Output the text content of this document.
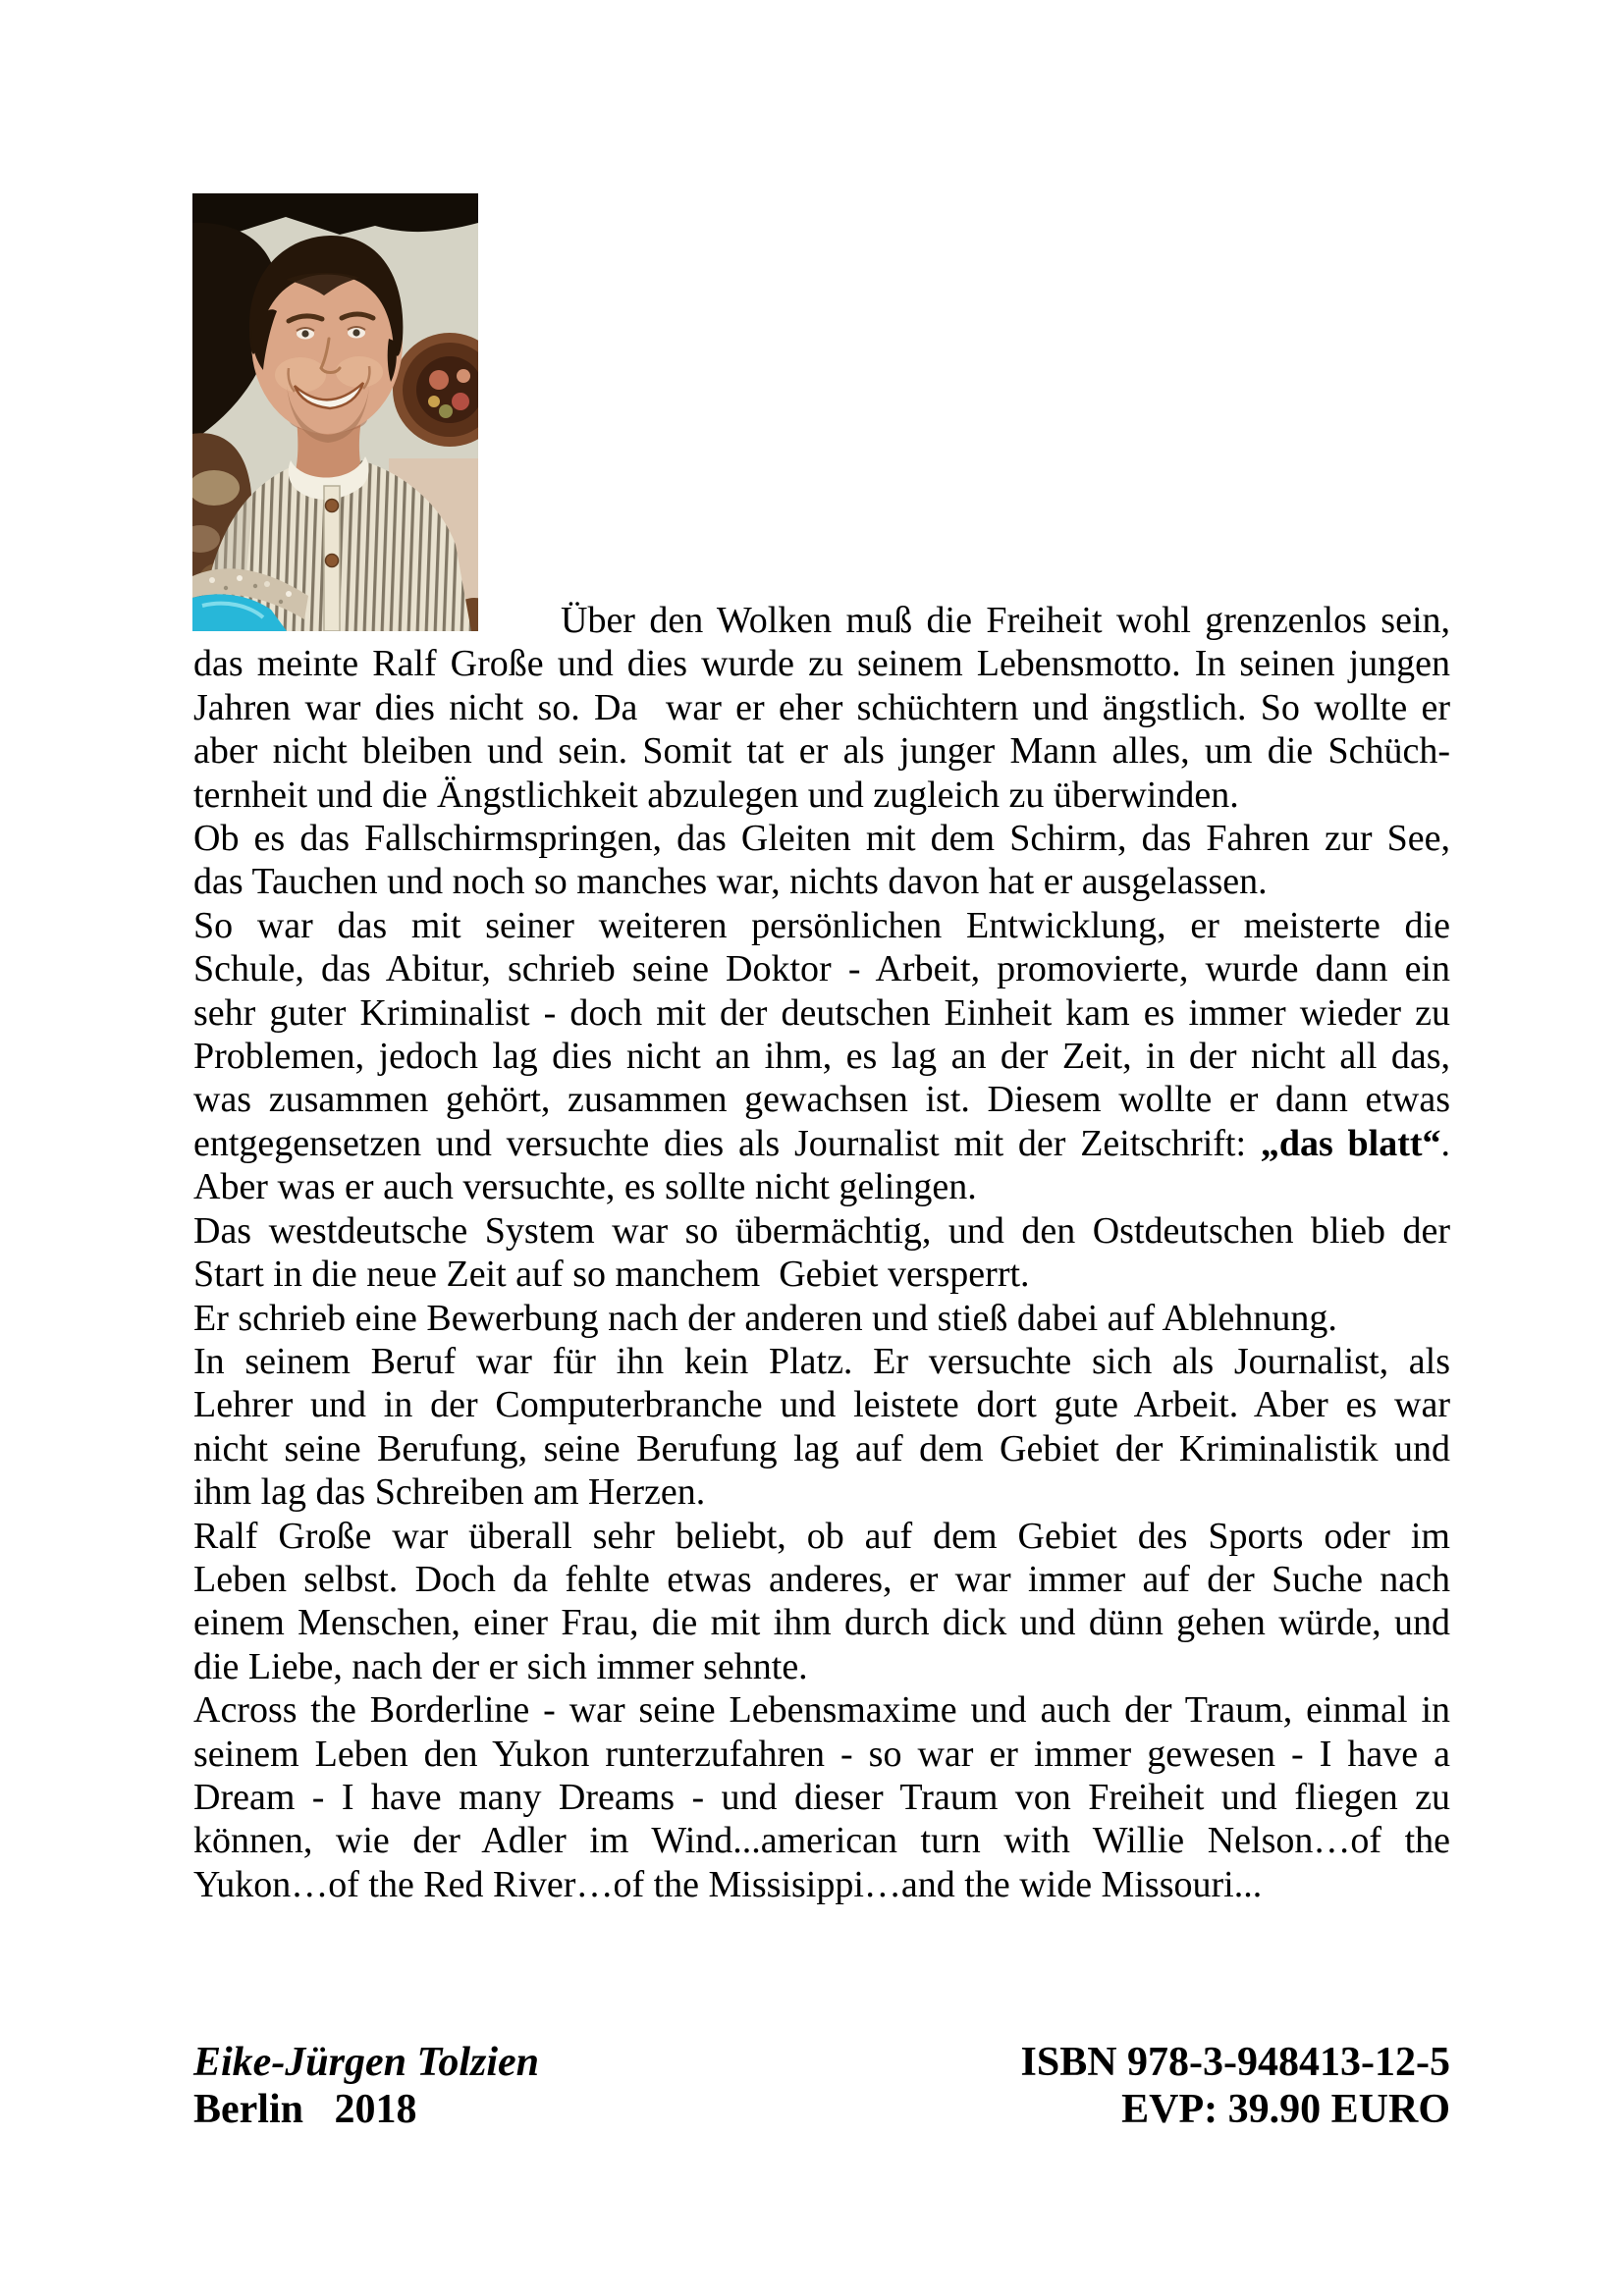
Über den Wolken muß die Freiheit wohl grenzenlos sein,
das meinte Ralf Große und dies wurde zu seinem Lebensmotto. In seinen jungen
Jahren war dies nicht so. Da  war er eher schüchtern und ängstlich. So wollte er
aber nicht bleiben und sein. Somit tat er als junger Mann alles, um die Schüch-
ternheit und die Ängstlichkeit abzulegen und zugleich zu überwinden.
Ob es das Fallschirmspringen, das Gleiten mit dem Schirm, das Fahren zur See,
das Tauchen und noch so manches war, nichts davon hat er ausgelassen.
So war das mit seiner weiteren persönlichen Entwicklung, er meisterte die
Schule, das Abitur, schrieb seine Doktor - Arbeit, promovierte, wurde dann ein
sehr guter Kriminalist - doch mit der deutschen Einheit kam es immer wieder zu
Problemen, jedoch lag dies nicht an ihm, es lag an der Zeit, in der nicht all das,
was zusammen gehört, zusammen gewachsen ist. Diesem wollte er dann etwas
entgegensetzen und versuchte dies als Journalist mit der Zeitschrift: „das blatt“.
Aber was er auch versuchte, es sollte nicht gelingen.
Das westdeutsche System war so übermächtig, und den Ostdeutschen blieb der
Start in die neue Zeit auf so manchem  Gebiet versperrt.
Er schrieb eine Bewerbung nach der anderen und stieß dabei auf Ablehnung.
In seinem Beruf war für ihn kein Platz. Er versuchte sich als Journalist, als
Lehrer und in der Computerbranche und leistete dort gute Arbeit. Aber es war
nicht seine Berufung, seine Berufung lag auf dem Gebiet der Kriminalistik und
ihm lag das Schreiben am Herzen.
Ralf Große war überall sehr beliebt, ob auf dem Gebiet des Sports oder im
Leben selbst. Doch da fehlte etwas anderes, er war immer auf der Suche nach
einem Menschen, einer Frau, die mit ihm durch dick und dünn gehen würde, und
die Liebe, nach der er sich immer sehnte.
Across the Borderline - war seine Lebensmaxime und auch der Traum, einmal in
seinem Leben den Yukon runterzufahren - so war er immer gewesen - I have a
Dream - I have many Dreams - und dieser Traum von Freiheit und fliegen zu
können, wie der Adler im Wind...american turn with Willie Nelson…of the
Yukon…of the Red River…of the Missisippi…and the wide Missouri...
Eike-Jürgen Tolzien
Berlin   2018
ISBN 978-3-948413-12-5
EVP: 39.90 EURO
